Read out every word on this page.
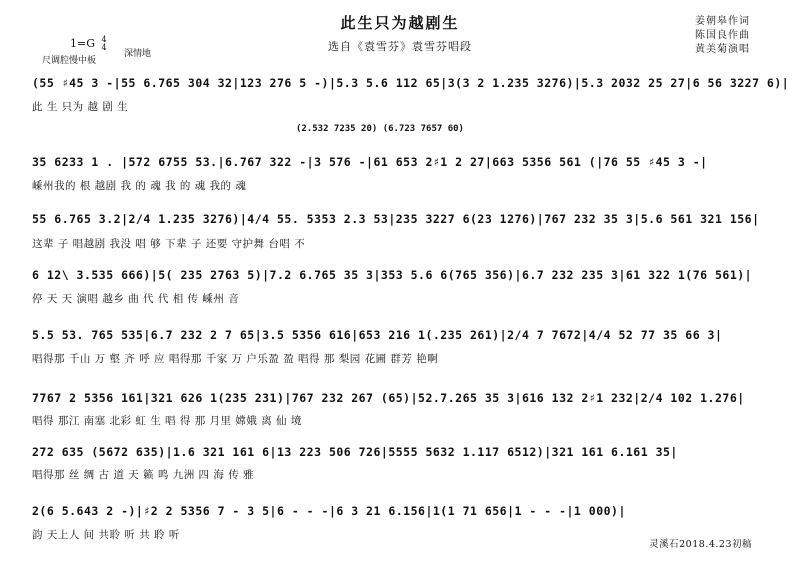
此生只为越剧生
选自《袁雪芬》袁雪芬唱段
姜朝皋作词
陈国良作曲
黄美菊演唱
1=G 4
4
尺调腔慢中板
深情地
(55 ♯45 3 -|55 6.765 304 32|123 276 5 -)|5.3 5.6 112 65|3(3 2 1.235 3276)|5.3 2032 25 27|6 56 3227 6)|
此 生 只为 越 剧 生
(2.532 7235 20) (6.723 7657 60)
35 6233 1 . |572 6755 53.|6.767 322 -|3 576 -|61 653 2♯1 2 27|663 5356 561 (|76 55 ♯45 3 -|
嵊州我的 根 越剧 我 的 魂 我 的 魂 我的 魂
55 6.765 3.2|2/4 1.235 3276)|4/4 55. 5353 2.3 53|235 3227 6(23 1276)|767 232 35 3|5.6 561 321 156|
这辈 子 唱越剧 我没 唱 够 下辈 子 还要 守护舞 台唱 不
6 12\ 3.535 666)|5( 235 2763 5)|7.2 6.765 35 3|353 5.6 6(765 356)|6.7 232 235 3|61 322 1(76 561)|
停 天 天 演唱 越乡 曲 代 代 相 传 嵊州 音
5.5 53. 765 535|6.7 232 2 7 65|3.5 5356 616|653 216 1(.235 261)|2/4 7 7672|4/4 52 77 35 66 3|
唱得那 千山 万 壑 齐 呼 应 唱得那 千家 万 户乐盈 盈 唱得 那 梨园 花圃 群芳 艳啊
7767 2 5356 161|321 626 1(235 231)|767 232 267 (65)|52.7.265 35 3|616 132 2♯1 232|2/4 102 1.276|
唱得 那江 南塞 北彩 虹 生 唱 得 那 月里 嫦娥 离 仙 境
272 635 (5672 635)|1.6 321 161 6|13 223 506 726|5555 5632 1.117 6512)|321 161 6.161 35|
唱得那 丝 绸 古 道 天 籁 鸣 九洲 四 海 传 雅
2(6 5.643 2 -)|♯2 2 5356 7 - 3 5|6 - - -|6 3 21 6.156|1(1 71 656|1 - - -|1 000)|
韵 天上人 间 共聆 听 共 聆 听
灵溪石2018.4.23初稿
